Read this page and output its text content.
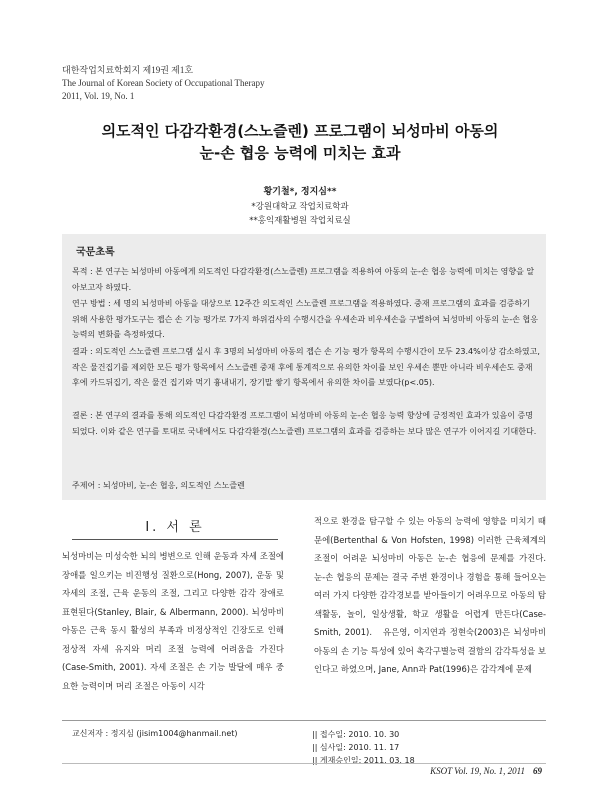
대한작업치료학회지 제19권 제1호
The Journal of Korean Society of Occupational Therapy
2011, Vol. 19, No. 1
의도적인 다감각환경(스노즐렌) 프로그램이 뇌성마비 아동의
눈-손 협응 능력에 미치는 효과
황기철*, 정지심**
*강원대학교 작업치료학과
**홍익재활병원 작업치료실
국문초록
목적 : 본 연구는 뇌성마비 아동에게 의도적인 다감각환경(스노즐렌) 프로그램을 적용하여 아동의 눈-손 협응 능력에 미치는 영향을 알아보고자 하였다.
연구 방법 : 세 명의 뇌성마비 아동을 대상으로 12주간 의도적인 스노즐렌 프로그램을 적용하였다. 중재 프로그램의 효과를 검증하기 위해 사용한 평가도구는 젭슨 손 기능 평가로 7가지 하위검사의 수행시간을 우세손과 비우세손을 구별하여 뇌성마비 아동의 눈-손 협응 능력의 변화를 측정하였다.
결과 : 의도적인 스노즐렌 프로그램 실시 후 3명의 뇌성마비 아동의 젭슨 손 기능 평가 항목의 수행시간이 모두 23.4%이상 감소하였고, 작은 물건집기를 제외한 모든 평가 항목에서 스노즐렌 중재 후에 통계적으로 유의한 차이를 보인 우세손 뿐만 아니라 비우세손도 중재 후에 카드뒤집기, 작은 물건 집기와 먹기 흉내내기, 장기말 쌓기 항목에서 유의한 차이를 보였다(p<.05).
결론 : 본 연구의 결과를 통해 의도적인 다감각환경 프로그램이 뇌성마비 아동의 눈-손 협응 능력 향상에 긍정적인 효과가 있음이 증명되었다. 이와 같은 연구를 토대로 국내에서도 다감각환경(스노즐렌) 프로그램의 효과를 검증하는 보다 많은 연구가 이어지길 기대한다.
주제어 : 뇌성마비, 눈-손 협응, 의도적인 스노즐렌
Ⅰ. 서 론
뇌성마비는 미성숙한 뇌의 병변으로 인해 운동과 자세 조절에 장애를 일으키는 비진행성 질환으로(Hong, 2007), 운동 및 자세의 조절, 근육 운동의 조절, 그리고 다양한 감각 장애로 표현된다(Stanley, Blair, & Albermann, 2000). 뇌성마비 아동은 근육 동시 활성의 부족과 비정상적인 긴장도로 인해 정상적 자세 유지와 머리 조절 능력에 어려움을 가진다(Case-Smith, 2001). 자세 조절은 손 기능 발달에 매우 중요한 능력이며 머리 조절은 아동이 시각
적으로 환경을 탐구할 수 있는 아동의 능력에 영향을 미치기 때문에(Bertenthal & Von Hofsten, 1998) 이러한 근육체계의 조절이 어려운 뇌성마비 아동은 눈-손 협응에 문제를 가진다. 눈-손 협응의 문제는 결국 주변 환경이나 경험을 통해 들어오는 여러 가지 다양한 감각경보를 받아들이기 어려우므로 아동의 탐색활동, 놀이, 일상생활, 학교 생활을 어렵게 만든다(Case-Smith, 2001).   유은영, 이지연과 정현숙(2003)은 뇌성마비 아동의 손 기능 특성에 있어 촉각구별능력 결함의 감각특성을 보인다고 하였으며, Jane, Ann과 Pat(1996)은 감각계에 문제
교신저자 : 정지심 (jisim1004@hanmail.net)	|| 접수일: 2010. 10. 30
|| 심사일: 2010. 11. 17
|| 게재승인일: 2011. 03. 18
KSOT Vol. 19, No. 1, 2011 69
